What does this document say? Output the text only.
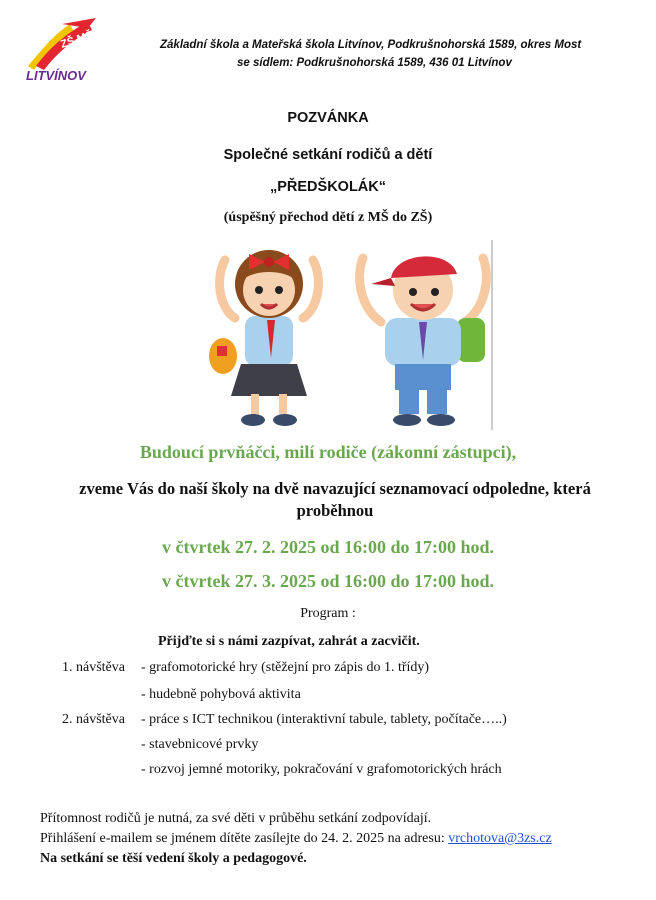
ZŠ MŠ
LITVÍNOV
Základní škola a Mateřská škola Litvínov, Podkrušnohorská 1589, okres Most
se sídlem: Podkrušnohorská 1589, 436 01 Litvínov
POZVÁNKA
Společné setkání rodičů a dětí
„PŘEDŠKOLÁK“
(úspěšný přechod dětí z MŠ do ZŠ)
Budoucí prvňáčci, milí rodiče (zákonní zástupci),
zveme Vás do naší školy na dvě navazující seznamovací odpoledne, která proběhnou
v čtvrtek 27. 2. 2025 od 16:00 do 17:00 hod.
v čtvrtek 27. 3. 2025 od 16:00 do 17:00 hod.
Program :
Přijďte si s námi zazpívat, zahrát a zacvičit.
1. návštěva - grafomotorické hry (stěžejní pro zápis do 1. třídy)
- hudebně pohybová aktivita
2. návštěva - práce s ICT technikou (interaktivní tabule, tablety, počítače…..)
- stavebnicové prvky
- rozvoj jemné motoriky, pokračování v grafomotorických hrách
Přítomnost rodičů je nutná, za své děti v průběhu setkání zodpovídají.
Přihlášení e-mailem se jménem dítěte zasílejte do 24. 2. 2025 na adresu: vrchotova@3zs.cz
Na setkání se těší vedení školy a pedagogové.
